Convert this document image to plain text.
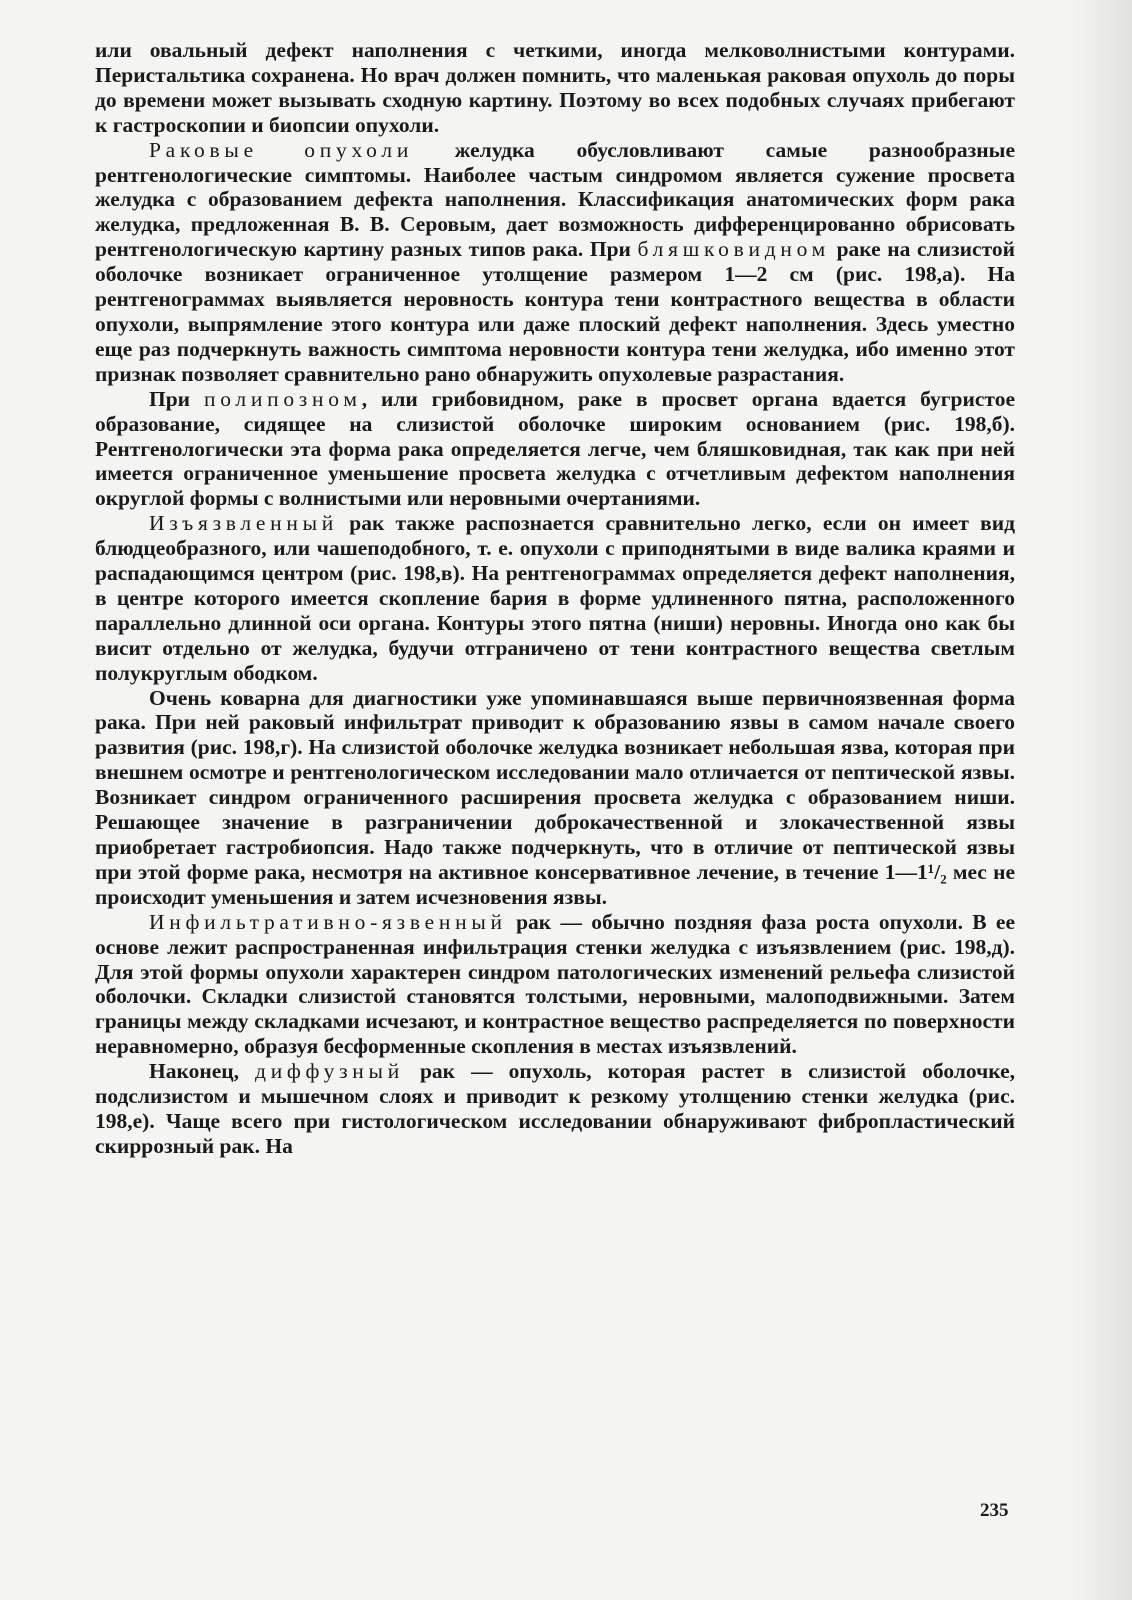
или овальный дефект наполнения с четкими, иногда мелковолнистыми контурами. Перистальтика сохранена. Но врач должен помнить, что маленькая раковая опухоль до поры до времени может вызывать сходную картину. Поэтому во всех подобных случаях прибегают к гастроскопии и биопсии опухоли.

Раковые опухоли желудка обусловливают самые разнообразные рентгенологические симптомы. Наиболее частым синдромом является сужение просвета желудка с образованием дефекта наполнения. Классификация анатомических форм рака желудка, предложенная В. В. Серовым, дает возможность дифференцированно обрисовать рентгенологическую картину разных типов рака. При бляшковидном раке на слизистой оболочке возникает ограниченное утолщение размером 1—2 см (рис. 198,а). На рентгенограммах выявляется неровность контура тени контрастного вещества в области опухоли, выпрямление этого контура или даже плоский дефект наполнения. Здесь уместно еще раз подчеркнуть важность симптома неровности контура тени желудка, ибо именно этот признак позволяет сравнительно рано обнаружить опухолевые разрастания.

При полипозном, или грибовидном, раке в просвет органа вдается бугристое образование, сидящее на слизистой оболочке широким основанием (рис. 198,б). Рентгенологически эта форма рака определяется легче, чем бляшковидная, так как при ней имеется ограниченное уменьшение просвета желудка с отчетливым дефектом наполнения округлой формы с волнистыми или неровными очертаниями.

Изъязвленный рак также распознается сравнительно легко, если он имеет вид блюдцеобразного, или чашеподобного, т. е. опухоли с приподнятыми в виде валика краями и распадающимся центром (рис. 198,в). На рентгенограммах определяется дефект наполнения, в центре которого имеется скопление бария в форме удлиненного пятна, расположенного параллельно длинной оси органа. Контуры этого пятна (ниши) неровны. Иногда оно как бы висит отдельно от желудка, будучи отграничено от тени контрастного вещества светлым полукруглым ободком.

Очень коварна для диагностики уже упоминавшаяся выше первичноязвенная форма рака. При ней раковый инфильтрат приводит к образованию язвы в самом начале своего развития (рис. 198,г). На слизистой оболочке желудка возникает небольшая язва, которая при внешнем осмотре и рентгенологическом исследовании мало отличается от пептической язвы. Возникает синдром ограниченного расширения просвета желудка с образованием ниши. Решающее значение в разграничении доброкачественной и злокачественной язвы приобретает гастробиопсия. Надо также подчеркнуть, что в отличие от пептической язвы при этой форме рака, несмотря на активное консервативное лечение, в течение 1—1¹/₂ мес не происходит уменьшения и затем исчезновения язвы.

Инфильтративно-язвенный рак — обычно поздняя фаза роста опухоли. В ее основе лежит распространенная инфильтрация стенки желудка с изъязвлением (рис. 198,д). Для этой формы опухоли характерен синдром патологических изменений рельефа слизистой оболочки. Складки слизистой становятся толстыми, неровными, малоподвижными. Затем границы между складками исчезают, и контрастное вещество распределяется по поверхности неравномерно, образуя бесформенные скопления в местах изъязвлений.

Наконец, диффузный рак — опухоль, которая растет в слизистой оболочке, подслизистом и мышечном слоях и приводит к резкому утолщению стенки желудка (рис. 198,е). Чаще всего при гистологическом исследовании обнаруживают фибропластический скиррозный рак. На

235
